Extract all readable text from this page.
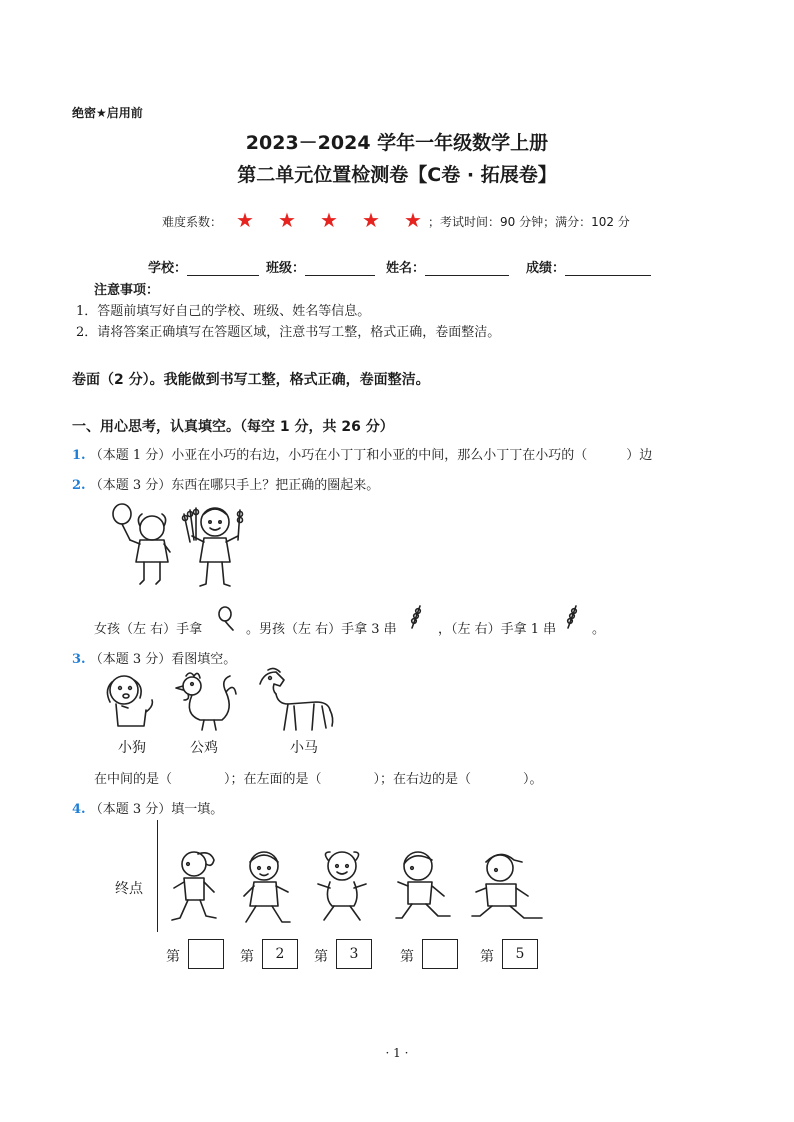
绝密★启用前
2023－2024 学年一年级数学上册
第二单元位置检测卷【C卷 · 拓展卷】
难度系数： ★ ★ ★ ★ ★ ；考试时间：90 分钟；满分：102 分
学校：	班级：	姓名：	成绩：
注意事项：
1．答题前填写好自己的学校、班级、姓名等信息。
2．请将答案正确填写在答题区域，注意书写工整，格式正确，卷面整洁。
卷面（2 分）。我能做到书写工整，格式正确，卷面整洁。
一、用心思考，认真填空。（每空 1 分，共 26 分）
1. （本题 1 分）小亚在小巧的右边，小巧在小丁丁和小亚的中间，那么小丁丁在小巧的（　　　）边
2. （本题 3 分）东西在哪只手上？把正确的圈起来。
女孩（左 右）手拿	。男孩（左 右）手拿 3 串	，（左 右）手拿 1 串	。
3. （本题 3 分）看图填空。
小狗	公鸡	小马
在中间的是（　　　　）；在左面的是（　　　　）；在右边的是（　　　　）。
4. （本题 3 分）填一填。
终点
第	第	2	第	3	第	第	5
· 1 ·
